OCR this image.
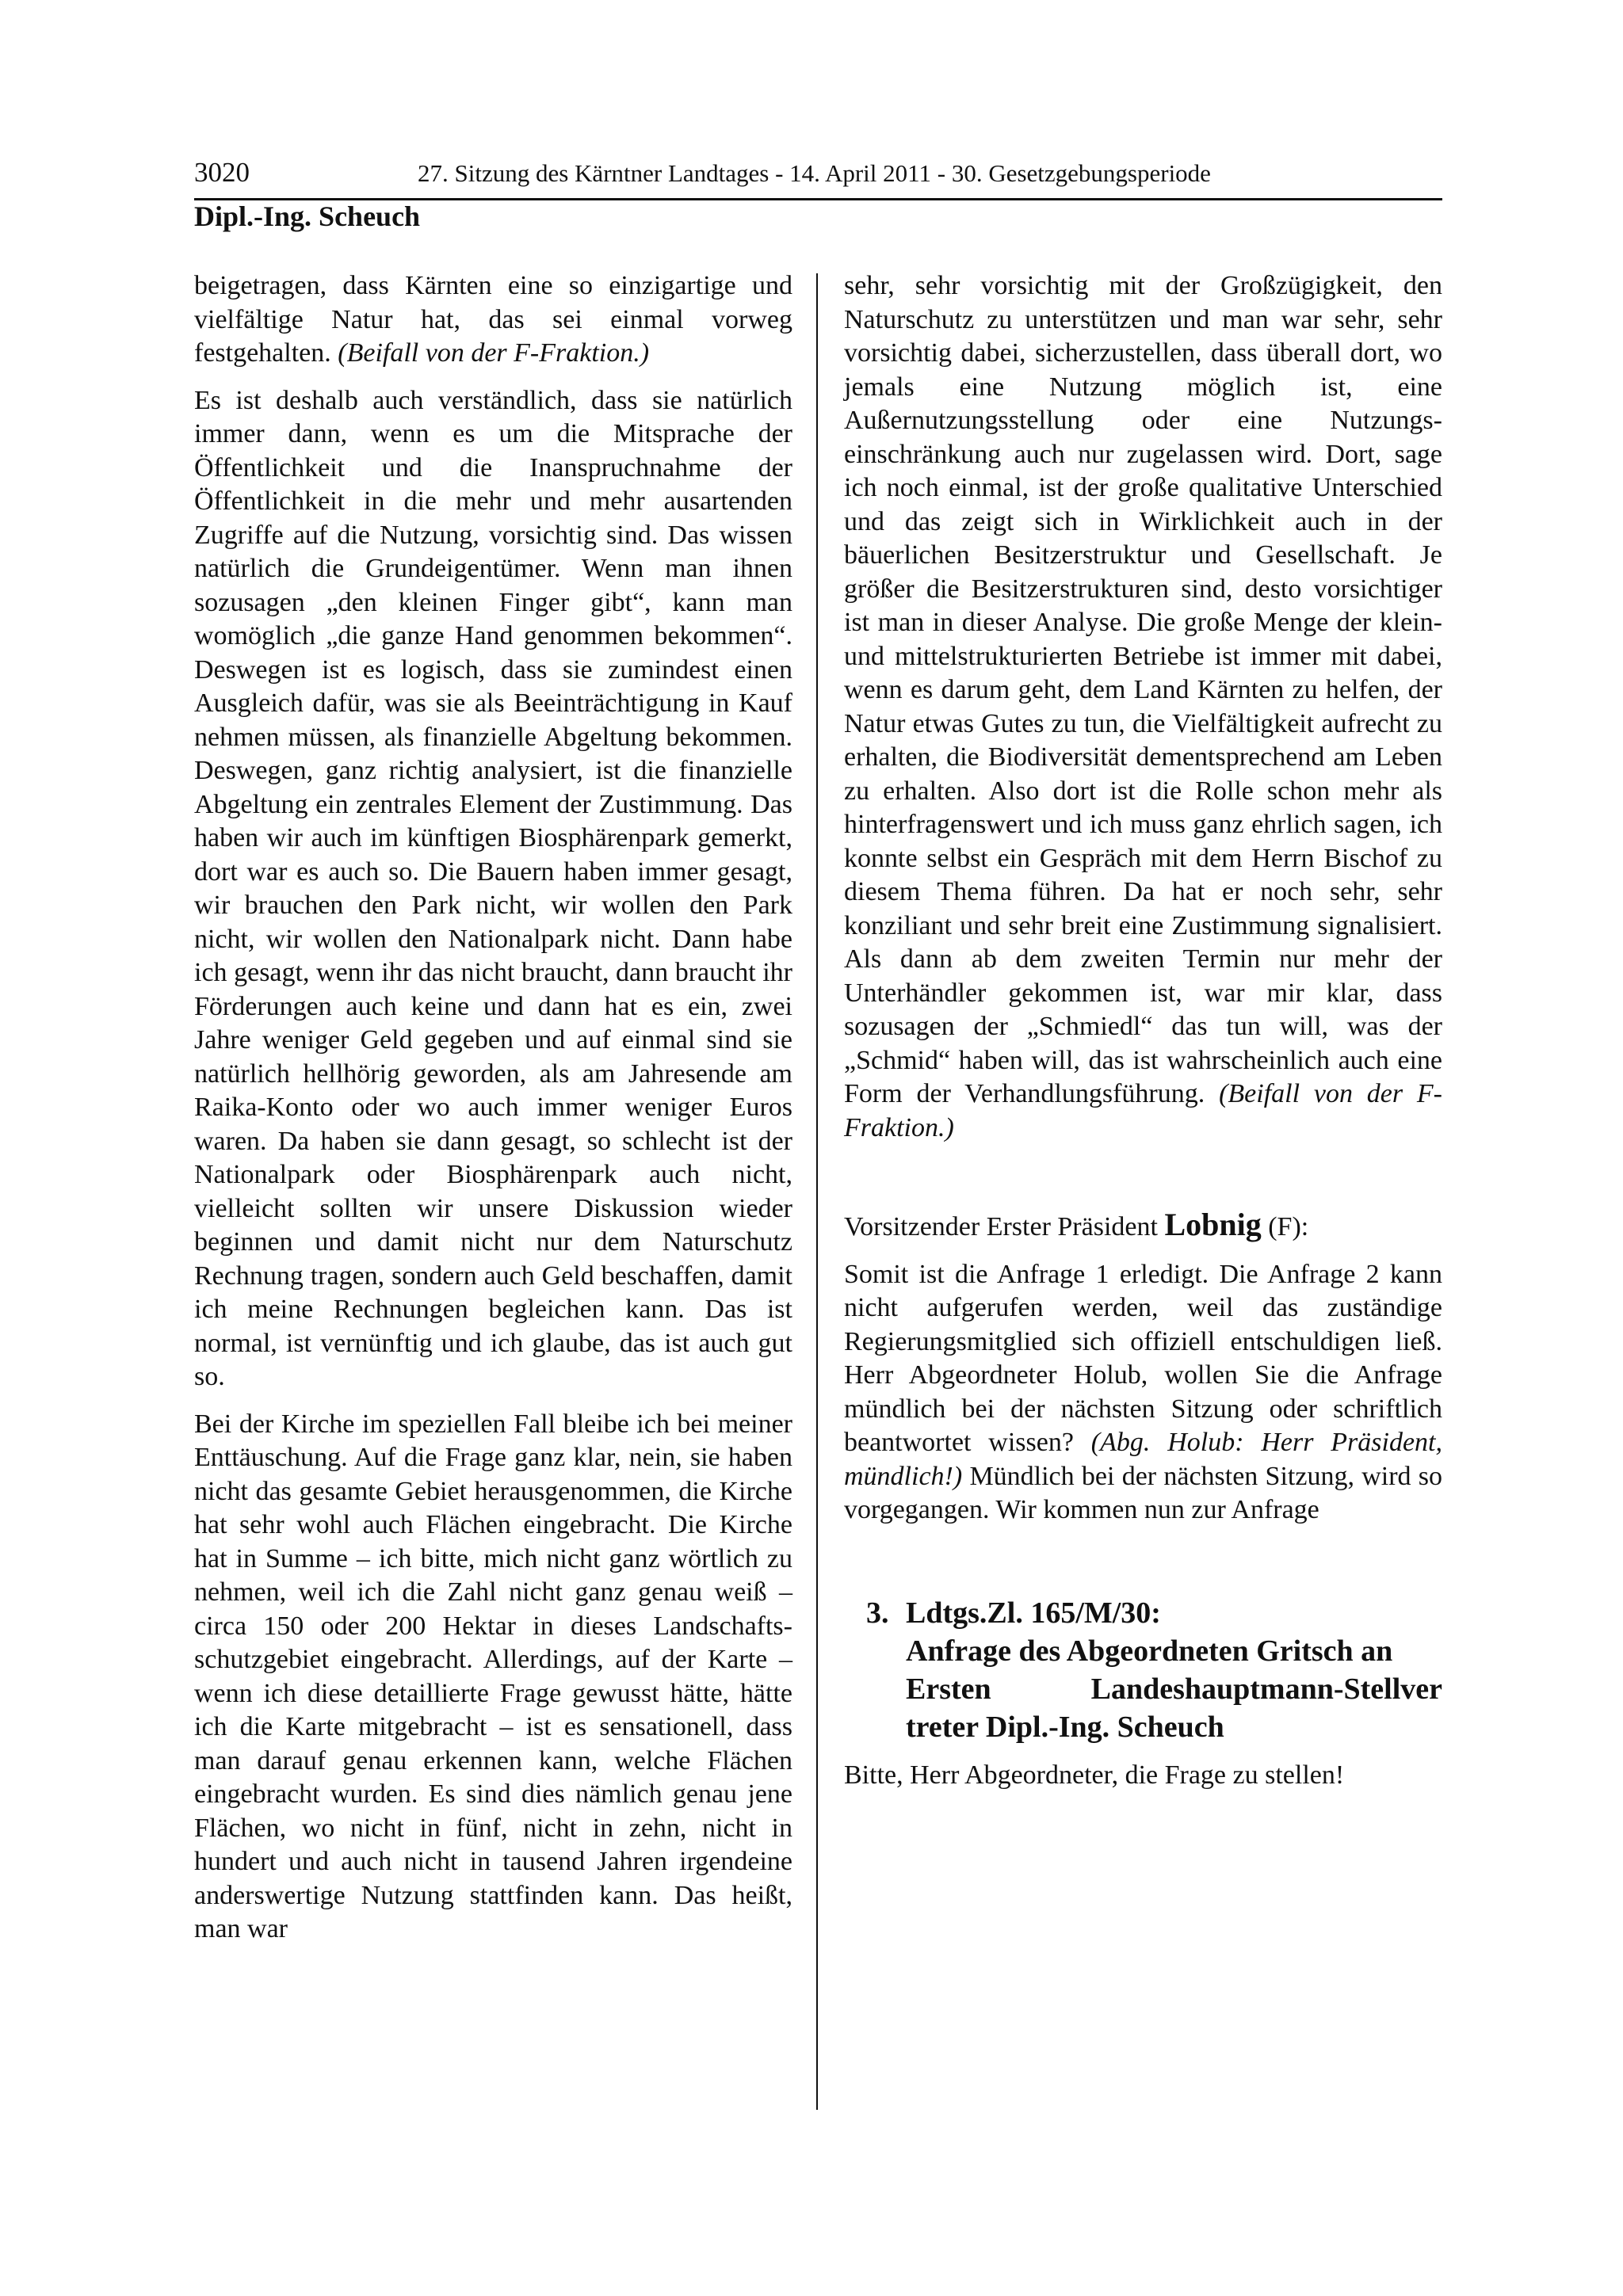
3020	27. Sitzung des Kärntner Landtages - 14. April 2011 - 30. Gesetzgebungsperiode
Dipl.-Ing. Scheuch

beigetragen, dass Kärnten eine so einzigartige und vielfältige Natur hat, das sei einmal vorweg festgehalten. (Beifall von der F-Fraktion.)

Es ist deshalb auch verständlich, dass sie natürlich immer dann, wenn es um die Mitsprache der Öffentlichkeit und die Inanspruchnahme der Öffentlichkeit in die mehr und mehr ausartenden Zugriffe auf die Nutzung, vorsichtig sind. Das wissen natürlich die Grundeigentümer. Wenn man ihnen sozusagen „den kleinen Finger gibt“, kann man womöglich „die ganze Hand genommen bekommen“. Deswegen ist es logisch, dass sie zumindest einen Ausgleich dafür, was sie als Beeinträchtigung in Kauf nehmen müssen, als finanzielle Abgeltung bekommen. Deswegen, ganz richtig analysiert, ist die finanzielle Abgeltung ein zentrales Element der Zustimmung. Das haben wir auch im künftigen Biosphärenpark gemerkt, dort war es auch so. Die Bauern haben immer gesagt, wir brauchen den Park nicht, wir wollen den Park nicht, wir wollen den Nationalpark nicht. Dann habe ich gesagt, wenn ihr das nicht braucht, dann braucht ihr Förderungen auch keine und dann hat es ein, zwei Jahre weniger Geld gegeben und auf einmal sind sie natürlich hellhörig geworden, als am Jahresende am Raika-Konto oder wo auch immer weniger Euros waren. Da haben sie dann gesagt, so schlecht ist der Nationalpark oder Biosphärenpark auch nicht, vielleicht sollten wir unsere Diskussion wieder beginnen und damit nicht nur dem Naturschutz Rechnung tragen, sondern auch Geld beschaffen, damit ich meine Rechnungen begleichen kann. Das ist normal, ist vernünftig und ich glaube, das ist auch gut so.

Bei der Kirche im speziellen Fall bleibe ich bei meiner Enttäuschung. Auf die Frage ganz klar, nein, sie haben nicht das gesamte Gebiet herausgenommen, die Kirche hat sehr wohl auch Flächen eingebracht. Die Kirche hat in Summe – ich bitte, mich nicht ganz wörtlich zu nehmen, weil ich die Zahl nicht ganz genau weiß – circa 150 oder 200 Hektar in dieses Landschaftsschutzgebiet eingebracht. Allerdings, auf der Karte – wenn ich diese detaillierte Frage gewusst hätte, hätte ich die Karte mitgebracht – ist es sensationell, dass man darauf genau erkennen kann, welche Flächen eingebracht wurden. Es sind dies nämlich genau jene Flächen, wo nicht in fünf, nicht in zehn, nicht in hundert und auch nicht in tausend Jahren irgendeine anderswertige Nutzung stattfinden kann. Das heißt, man war

sehr, sehr vorsichtig mit der Großzügigkeit, den Naturschutz zu unterstützen und man war sehr, sehr vorsichtig dabei, sicherzustellen, dass überall dort, wo jemals eine Nutzung möglich ist, eine Außernutzungsstellung oder eine Nutzungseinschränkung auch nur zugelassen wird. Dort, sage ich noch einmal, ist der große qualitative Unterschied und das zeigt sich in Wirklichkeit auch in der bäuerlichen Besitzerstruktur und Gesellschaft. Je größer die Besitzerstrukturen sind, desto vorsichtiger ist man in dieser Analyse. Die große Menge der klein- und mittelstrukturierten Betriebe ist immer mit dabei, wenn es darum geht, dem Land Kärnten zu helfen, der Natur etwas Gutes zu tun, die Vielfältigkeit aufrecht zu erhalten, die Biodiversität dementsprechend am Leben zu erhalten. Also dort ist die Rolle schon mehr als hinterfragenswert und ich muss ganz ehrlich sagen, ich konnte selbst ein Gespräch mit dem Herrn Bischof zu diesem Thema führen. Da hat er noch sehr, sehr konziliant und sehr breit eine Zustimmung signalisiert. Als dann ab dem zweiten Termin nur mehr der Unterhändler gekommen ist, war mir klar, dass sozusagen der „Schmiedl“ das tun will, was der „Schmid“ haben will, das ist wahrscheinlich auch eine Form der Verhandlungsführung. (Beifall von der F-Fraktion.)

Vorsitzender Erster Präsident Lobnig (F):

Somit ist die Anfrage 1 erledigt. Die Anfrage 2 kann nicht aufgerufen werden, weil das zuständige Regierungsmitglied sich offiziell entschuldigen ließ. Herr Abgeordneter Holub, wollen Sie die Anfrage mündlich bei der nächsten Sitzung oder schriftlich beantwortet wissen? (Abg. Holub: Herr Präsident, mündlich!) Mündlich bei der nächsten Sitzung, wird so vorgegangen. Wir kommen nun zur Anfrage

3. Ldtgs.Zl. 165/M/30:
Anfrage des Abgeordneten Gritsch an
Ersten Landeshauptmann-Stellver
treter Dipl.-Ing. Scheuch

Bitte, Herr Abgeordneter, die Frage zu stellen!
